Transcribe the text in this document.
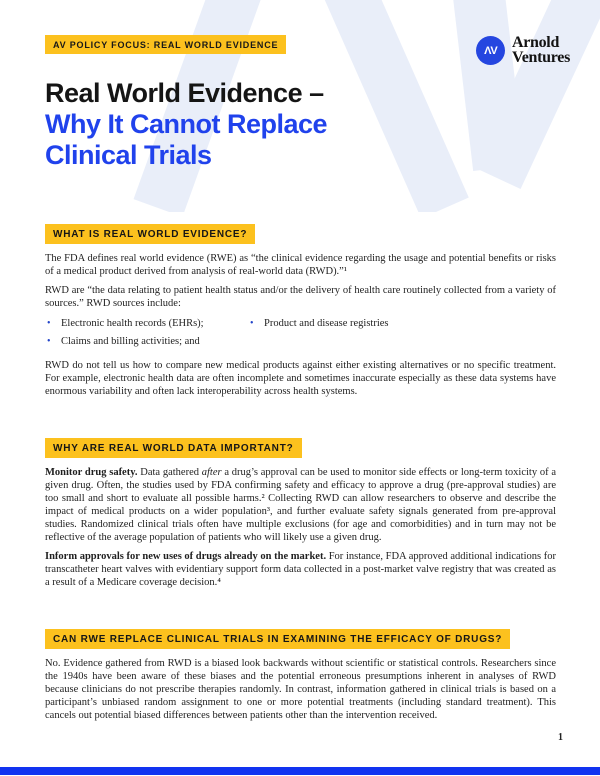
AV POLICY FOCUS: REAL WORLD EVIDENCE	ΛV Arnold
Ventures
Real World Evidence –
Why It Cannot Replace
Clinical Trials
WHAT IS REAL WORLD EVIDENCE?

The FDA defines real world evidence (RWE) as “the clinical evidence regarding the usage and potential benefits or risks of a medical product derived from analysis of real-world data (RWD).”¹

RWD are “the data relating to patient health status and/or the delivery of health care routinely collected from a variety of sources.” RWD sources include:

• Electronic health records (EHRs);
• Claims and billing activities; and
• Product and disease registries

RWD do not tell us how to compare new medical products against either existing alternatives or no specific treatment. For example, electronic health data are often incomplete and sometimes inaccurate especially as these data systems have enormous variability and often lack interoperability across health systems.

WHY ARE REAL WORLD DATA IMPORTANT?

Monitor drug safety. Data gathered after a drug’s approval can be used to monitor side effects or long-term toxicity of a given drug. Often, the studies used by FDA confirming safety and efficacy to approve a drug (pre-approval studies) are too small and short to evaluate all possible harms.² Collecting RWD can allow researchers to observe and describe the impact of medical products on a wider population³, and further evaluate safety signals generated from pre-approval studies. Randomized clinical trials often have multiple exclusions (for age and comorbidities) and in turn may not be reflective of the average population of patients who will likely use a given drug.

Inform approvals for new uses of drugs already on the market. For instance, FDA approved additional indications for transcatheter heart valves with evidentiary support form data collected in a post-market valve registry that was created as a result of a Medicare coverage decision.⁴

CAN RWE REPLACE CLINICAL TRIALS IN EXAMINING THE EFFICACY OF DRUGS?

No. Evidence gathered from RWD is a biased look backwards without scientific or statistical controls. Researchers since the 1940s have been aware of these biases and the potential erroneous presumptions inherent in analyses of RWD because clinicians do not prescribe therapies randomly. In contrast, information gathered in clinical trials is based on a participant’s unbiased random assignment to one or more potential treatments (including standard treatment). This cancels out potential biased differences between patients other than the intervention received.

1
